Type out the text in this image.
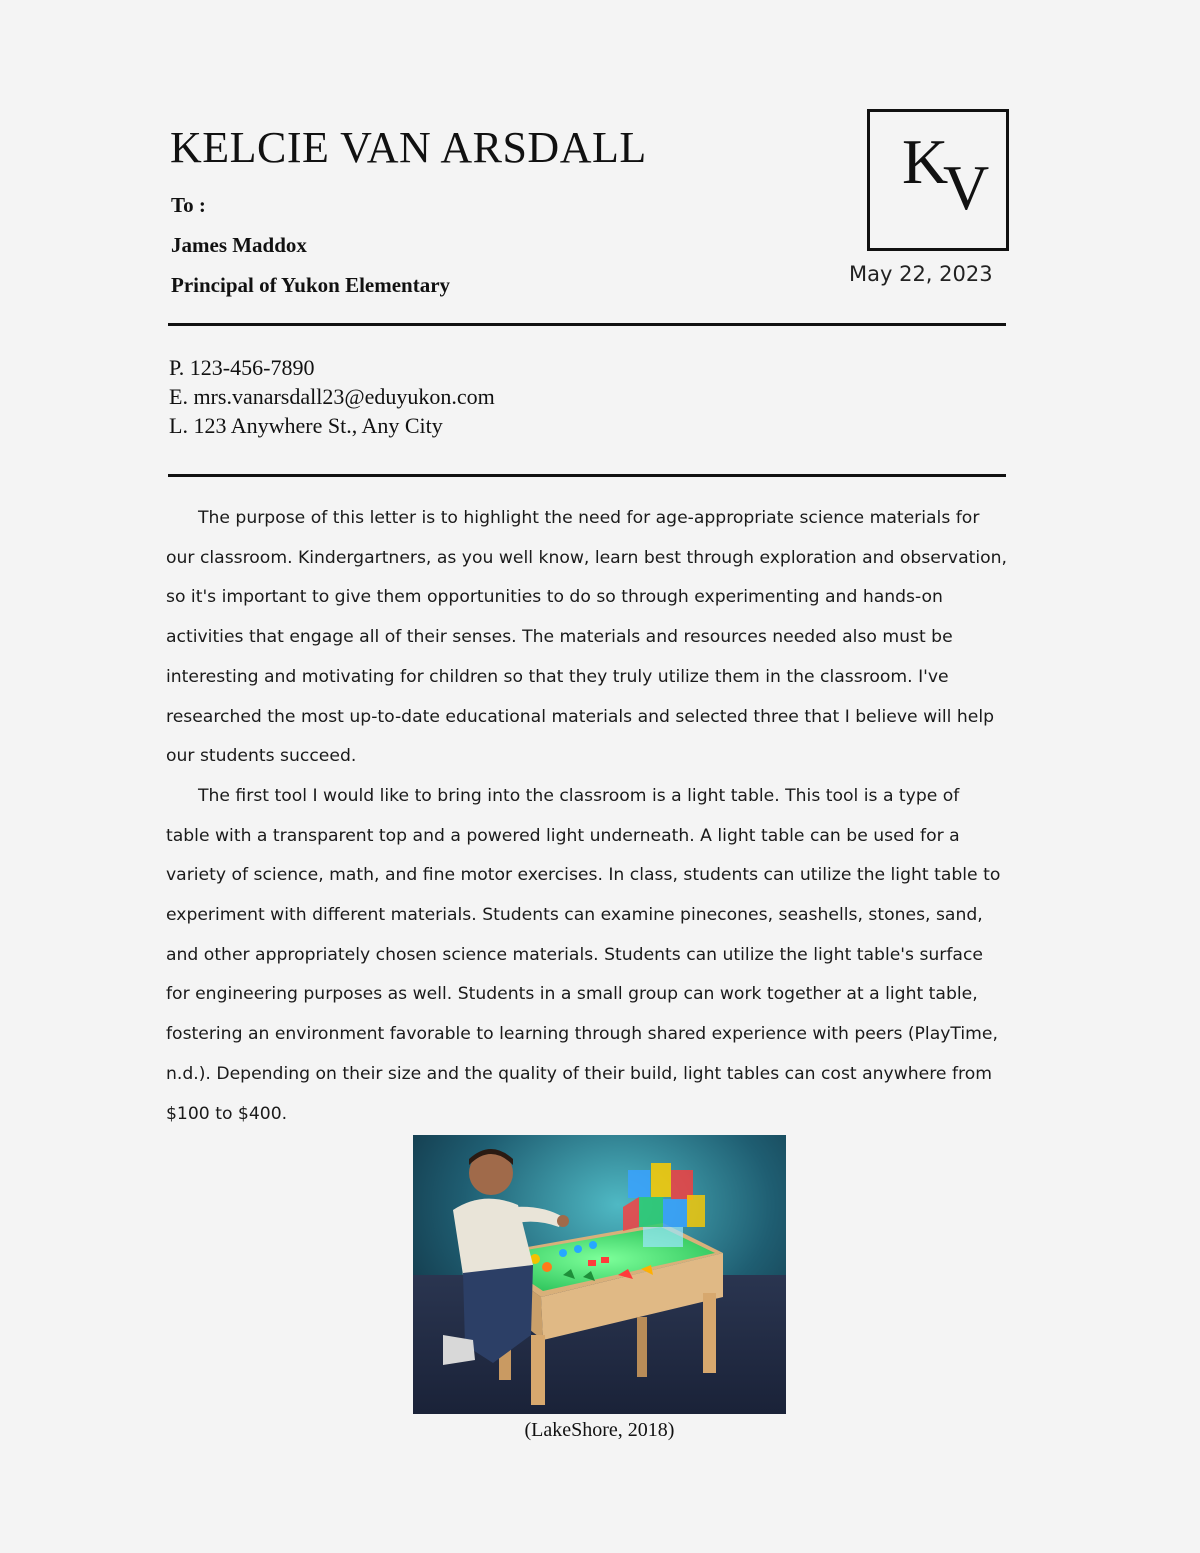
KELCIE VAN ARSDALL
To :
James Maddox
Principal of Yukon Elementary
K
V
May 22, 2023
P. 123-456-7890
E. mrs.vanarsdall23@eduyukon.com
L. 123 Anywhere St., Any City

The purpose of this letter is to highlight the need for age-appropriate science materials for our classroom. Kindergartners, as you well know, learn best through exploration and observation, so it's important to give them opportunities to do so through experimenting and hands-on activities that engage all of their senses. The materials and resources needed also must be interesting and motivating for children so that they truly utilize them in the classroom. I've researched the most up-to-date educational materials and selected three that I believe will help our students succeed.

The first tool I would like to bring into the classroom is a light table. This tool is a type of table with a transparent top and a powered light underneath. A light table can be used for a variety of science, math, and fine motor exercises. In class, students can utilize the light table to experiment with different materials. Students can examine pinecones, seashells, stones, sand, and other appropriately chosen science materials. Students can utilize the light table's surface for engineering purposes as well. Students in a small group can work together at a light table, fostering an environment favorable to learning through shared experience with peers (PlayTime, n.d.). Depending on their size and the quality of their build, light tables can cost anywhere from $100 to $400.

(LakeShore, 2018)
